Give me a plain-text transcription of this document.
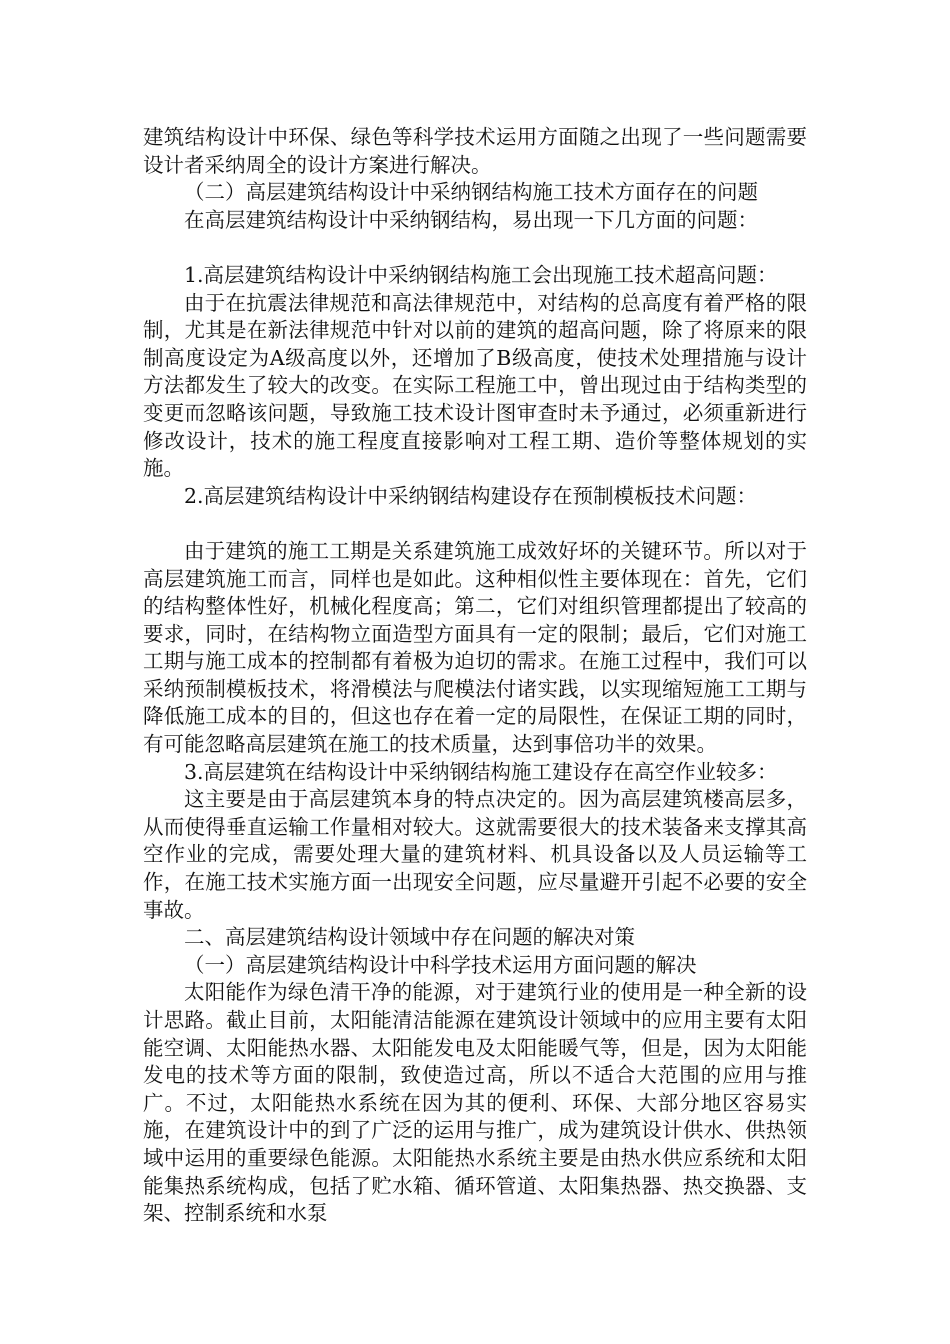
建筑结构设计中环保、绿色等科学技术运用方面随之出现了一些问题需要设计者采纳周全的设计方案进行解决。

（二）高层建筑结构设计中采纳钢结构施工技术方面存在的问题

在高层建筑结构设计中采纳钢结构，易出现一下几方面的问题：

1.高层建筑结构设计中采纳钢结构施工会出现施工技术超高问题：

由于在抗震法律规范和高法律规范中，对结构的总高度有着严格的限制，尤其是在新法律规范中针对以前的建筑的超高问题，除了将原来的限制高度设定为A级高度以外，还增加了B级高度，使技术处理措施与设计方法都发生了较大的改变。在实际工程施工中，曾出现过由于结构类型的变更而忽略该问题，导致施工技术设计图审查时未予通过，必须重新进行修改设计，技术的施工程度直接影响对工程工期、造价等整体规划的实施。

2.高层建筑结构设计中采纳钢结构建设存在预制模板技术问题：

由于建筑的施工工期是关系建筑施工成效好坏的关键环节。所以对于高层建筑施工而言，同样也是如此。这种相似性主要体现在：首先，它们的结构整体性好，机械化程度高；第二，它们对组织管理都提出了较高的要求，同时，在结构物立面造型方面具有一定的限制；最后，它们对施工工期与施工成本的控制都有着极为迫切的需求。在施工过程中，我们可以采纳预制模板技术，将滑模法与爬模法付诸实践，以实现缩短施工工期与降低施工成本的目的，但这也存在着一定的局限性，在保证工期的同时，有可能忽略高层建筑在施工的技术质量，达到事倍功半的效果。

3.高层建筑在结构设计中采纳钢结构施工建设存在高空作业较多：

这主要是由于高层建筑本身的特点决定的。因为高层建筑楼高层多，从而使得垂直运输工作量相对较大。这就需要很大的技术装备来支撑其高空作业的完成，需要处理大量的建筑材料、机具设备以及人员运输等工作，在施工技术实施方面一出现安全问题，应尽量避开引起不必要的安全事故。

二、高层建筑结构设计领域中存在问题的解决对策

（一）高层建筑结构设计中科学技术运用方面问题的解决

太阳能作为绿色清干净的能源，对于建筑行业的使用是一种全新的设计思路。截止目前，太阳能清洁能源在建筑设计领域中的应用主要有太阳能空调、太阳能热水器、太阳能发电及太阳能暖气等，但是，因为太阳能发电的技术等方面的限制，致使造过高，所以不适合大范围的应用与推广。不过，太阳能热水系统在因为其的便利、环保、大部分地区容易实施，在建筑设计中的到了广泛的运用与推广，成为建筑设计供水、供热领域中运用的重要绿色能源。太阳能热水系统主要是由热水供应系统和太阳能集热系统构成，包括了贮水箱、循环管道、太阳集热器、热交换器、支架、控制系统和水泵
